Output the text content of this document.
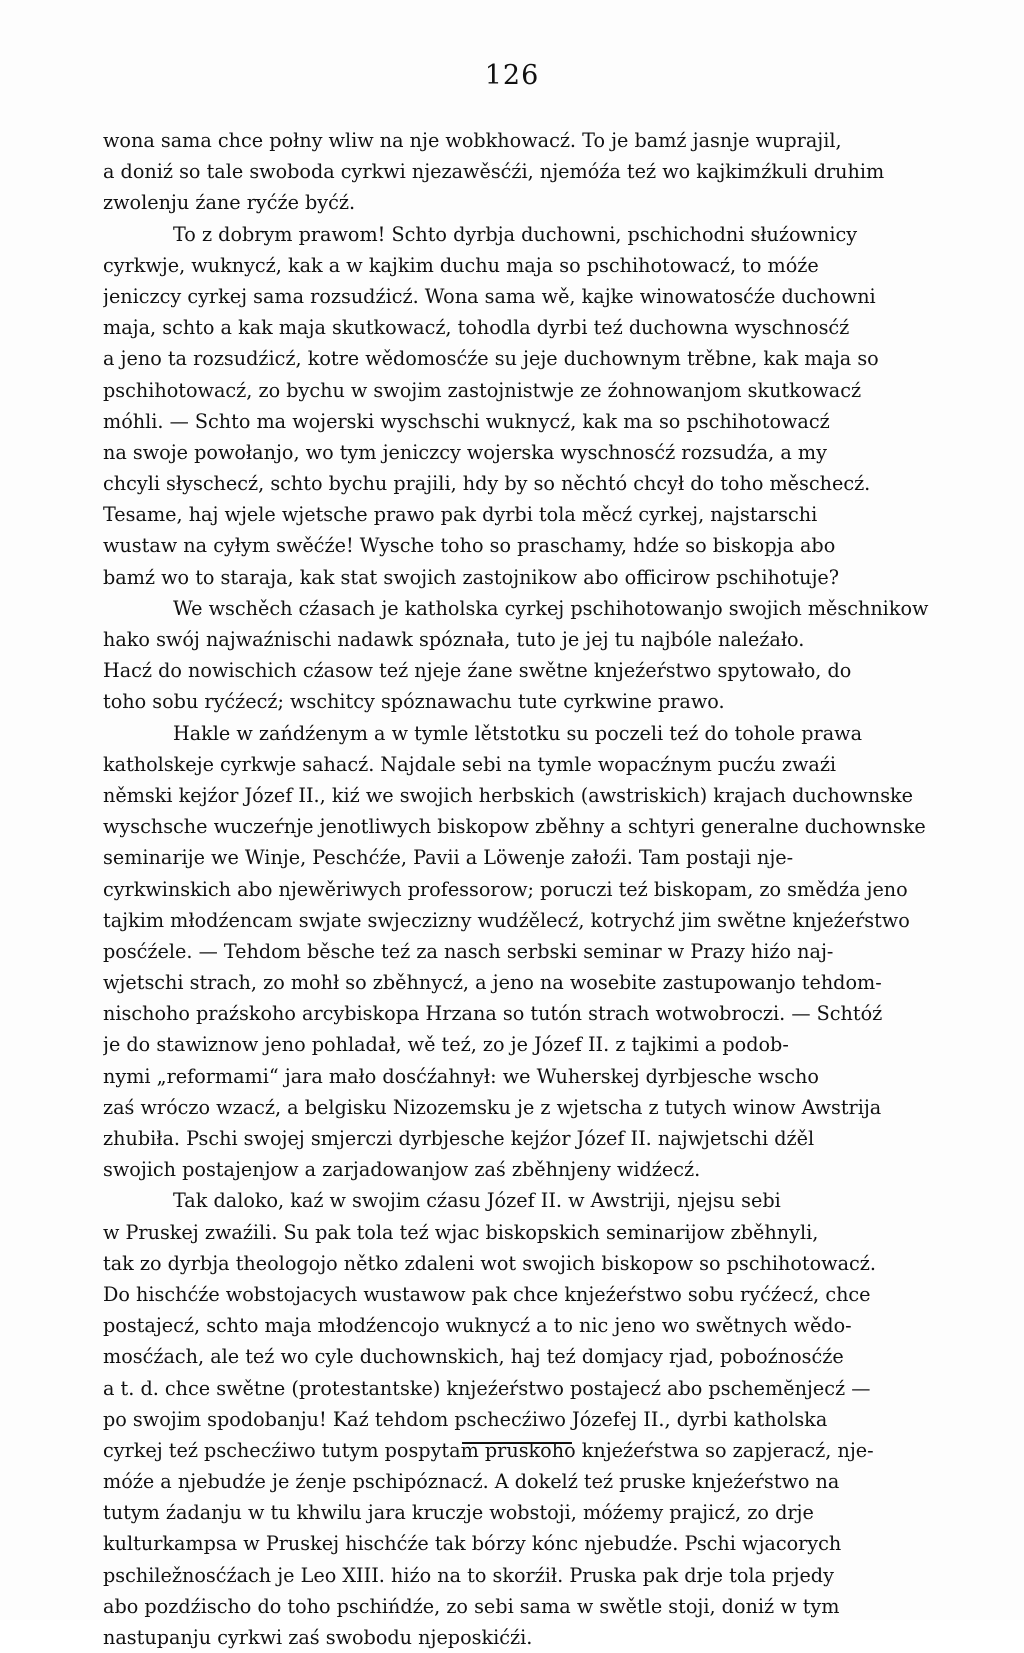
126
wona sama chce połny wliw na nje wobkhowacź. To je bamź jasnje wuprajil,
a doniź so tale swoboda cyrkwi njezawěsćźi, njemóźa teź wo kajkimźkuli druhim
zwolenju źane ryćźe byćź.
To z dobrym prawom! Schto dyrbja duchowni, pschichodni słuźownicy
cyrkwje, wuknycź, kak a w kajkim duchu maja so pschihotowacź, to móźe
jeniczcy cyrkej sama rozsudźicź. Wona sama wě, kajke winowatosćźe duchowni
maja, schto a kak maja skutkowacź, tohodla dyrbi teź duchowna wyschnosćź
a jeno ta rozsudźicź, kotre wědomosćźe su jeje duchownym trěbne, kak maja so
pschihotowacź, zo bychu w swojim zastojnistwje ze źohnowanjom skutkowacź
móhli. — Schto ma wojerski wyschschi wuknycź, kak ma so pschihotowacź
na swoje powołanjo, wo tym jeniczcy wojerska wyschnosćź rozsudźa, a my
chcyli słyschecź, schto bychu prajili, hdy by so něchtó chcył do toho měschecź.
Tesame, haj wjele wjetsche prawo pak dyrbi tola měcź cyrkej, najstarschi
wustaw na cyłym swěćźe! Wysche toho so praschamy, hdźe so biskopja abo
bamź wo to staraja, kak stat swojich zastojnikow abo officirow pschihotuje?
We wschěch cźasach je katholska cyrkej pschihotowanjo swojich měschnikow
hako swój najwaźnischi nadawk spóznała, tuto je jej tu najbóle naleźało.
Hacź do nowischich cźasow teź njeje źane swětne knjeźeŕstwo spytowało, do
toho sobu ryćźecź; wschitcy spóznawachu tute cyrkwine prawo.
Hakle w zańdźenym a w tymle lětstotku su poczeli teź do tohole prawa
katholskeje cyrkwje sahacź. Najdale sebi na tymle wopacźnym pucźu zwaźi
němski kejźor Józef II., kiź we swojich herbskich (awstriskich) krajach duchownske
wyschsche wuczeŕnje jenotliwych biskopow zběhny a schtyri generalne duchownske
seminarije we Winje, Peschćźe, Pavii a Löwenje załoźi. Tam postaji nje-
cyrkwinskich abo njewěriwych professorow; poruczi teź biskopam, zo smědźa jeno
tajkim młodźencam swjate swjeczizny wudźělecź, kotrychź jim swětne knjeźeŕstwo
posćźele. — Tehdom běsche teź za nasch serbski seminar w Prazy hiźo naj-
wjetschi strach, zo mohł so zběhnycź, a jeno na wosebite zastupowanjo tehdom-
nischoho praźskoho arcybiskopa Hrzana so tutón strach wotwobroczi. — Schtóź
je do stawiznow jeno pohladał, wě teź, zo je Józef II. z tajkimi a podob-
nymi „reformami“ jara mało dosćźahnył: we Wuherskej dyrbjesche wscho
zaś wróczo wzacź, a belgisku Nizozemsku je z wjetscha z tutych winow Awstrija
zhubiła. Pschi swojej smjerczi dyrbjesche kejźor Józef II. najwjetschi dźěl
swojich postajenjow a zarjadowanjow zaś zběhnjeny widźecź.
Tak daloko, kaź w swojim cźasu Józef II. w Awstriji, njejsu sebi
w Pruskej zwaźili. Su pak tola teź wjac biskopskich seminarijow zběhnyli,
tak zo dyrbja theologojo nětko zdaleni wot swojich biskopow so pschihotowacź.
Do hischćźe wobstojacych wustawow pak chce knjeźeŕstwo sobu ryćźecź, chce
postajecź, schto maja młodźencojo wuknycź a to nic jeno wo swětnych wědo-
mosćźach, ale teź wo cyle duchownskich, haj teź domjacy rjad, poboźnosćźe
a t. d. chce swětne (protestantske) knjeźeŕstwo postajecź abo pschemĕnjecź —
po swojim spodobanju! Kaź tehdom pschecźiwo Józefej II., dyrbi katholska
cyrkej teź pschecźiwo tutym pospytam pruskoho knjeźeŕstwa so zapjeracź, nje-
móźe a njebudźe je źenje pschipóznacź. A dokelź teź pruske knjeźeŕstwo na
tutym źadanju w tu khwilu jara kruczje wobstoji, móźemy prajicź, zo drje
kulturkampsa w Pruskej hischćźe tak bórzy kónc njebudźe. Pschi wjacorych
pschiležnosćźach je Leo XIII. hiźo na to skorźił. Pruska pak drje tola prjedy
abo pozdźischo do toho pschińdźe, zo sebi sama w swětle stoji, doniź w tym
nastupanju cyrkwi zaś swobodu njeposkićźi.
